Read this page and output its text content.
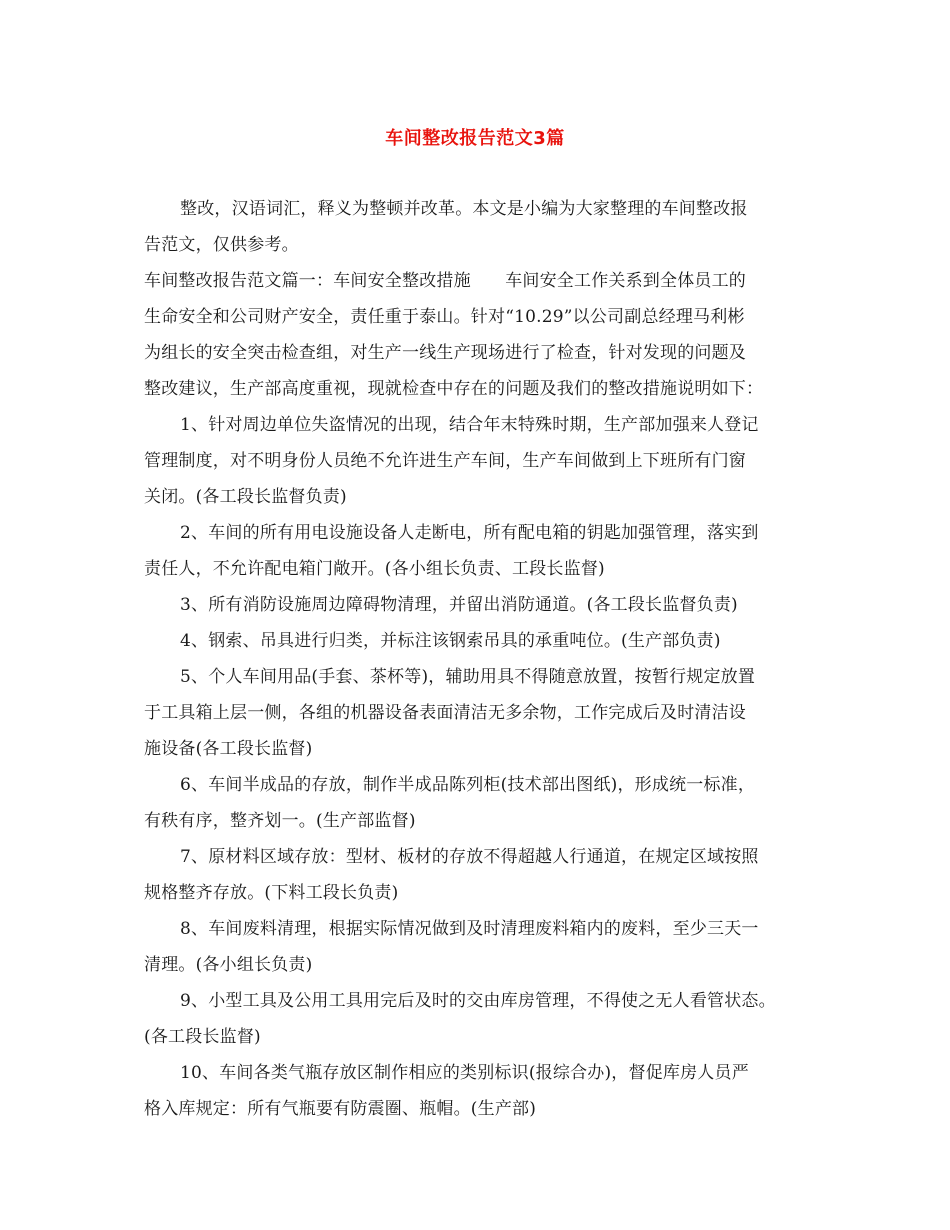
车间整改报告范文3篇
整改，汉语词汇，释义为整顿并改革。本文是小编为大家整理的车间整改报
告范文，仅供参考。
车间整改报告范文篇一：车间安全整改措施　　车间安全工作关系到全体员工的
生命安全和公司财产安全，责任重于泰山。针对“10.29”以公司副总经理马利彬
为组长的安全突击检查组，对生产一线生产现场进行了检查，针对发现的问题及
整改建议，生产部高度重视，现就检查中存在的问题及我们的整改措施说明如下：
1、针对周边单位失盗情况的出现，结合年末特殊时期，生产部加强来人登记
管理制度，对不明身份人员绝不允许进生产车间，生产车间做到上下班所有门窗
关闭。(各工段长监督负责)
2、车间的所有用电设施设备人走断电，所有配电箱的钥匙加强管理，落实到
责任人，不允许配电箱门敞开。(各小组长负责、工段长监督)
3、所有消防设施周边障碍物清理，并留出消防通道。(各工段长监督负责)
4、钢索、吊具进行归类，并标注该钢索吊具的承重吨位。(生产部负责)
5、个人车间用品(手套、茶杯等)，辅助用具不得随意放置，按暂行规定放置
于工具箱上层一侧，各组的机器设备表面清洁无多余物，工作完成后及时清洁设
施设备(各工段长监督)
6、车间半成品的存放，制作半成品陈列柜(技术部出图纸)，形成统一标准，
有秩有序，整齐划一。(生产部监督)
7、原材料区域存放：型材、板材的存放不得超越人行通道，在规定区域按照
规格整齐存放。(下料工段长负责)
8、车间废料清理，根据实际情况做到及时清理废料箱内的废料，至少三天一
清理。(各小组长负责)
9、小型工具及公用工具用完后及时的交由库房管理，不得使之无人看管状态。
(各工段长监督)
10、车间各类气瓶存放区制作相应的类别标识(报综合办)，督促库房人员严
格入库规定：所有气瓶要有防震圈、瓶帽。(生产部)
